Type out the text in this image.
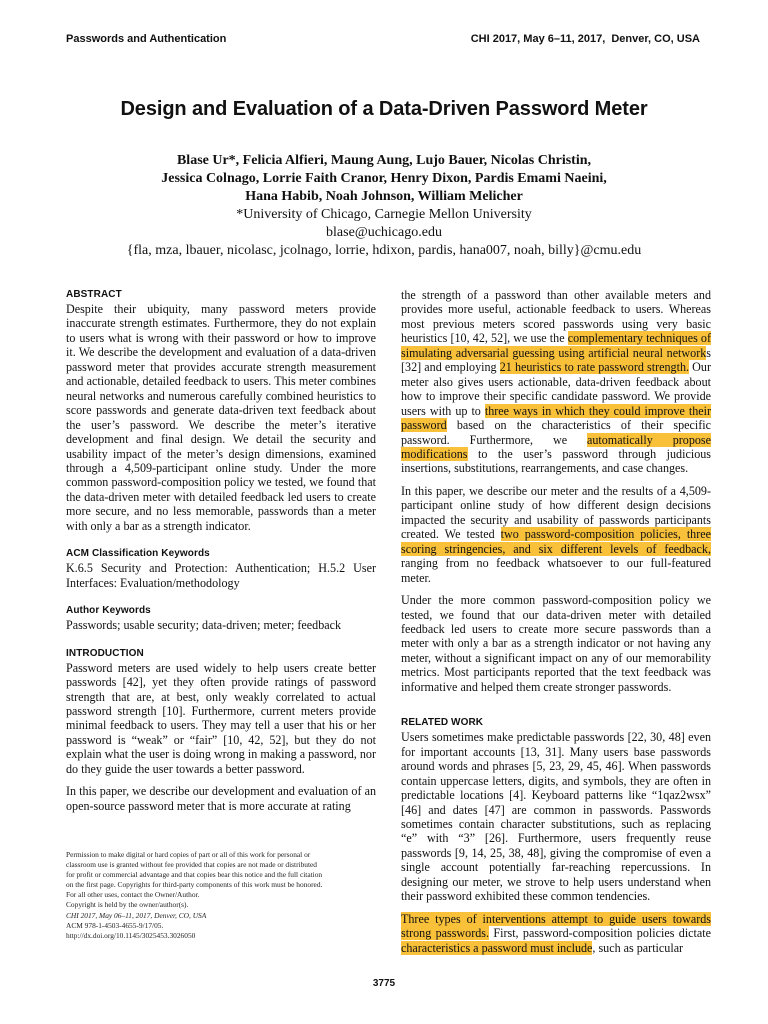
Passwords and Authentication	CHI 2017, May 6–11, 2017,  Denver, CO, USA
Design and Evaluation of a Data-Driven Password Meter
Blase Ur*, Felicia Alfieri, Maung Aung, Lujo Bauer, Nicolas Christin,
Jessica Colnago, Lorrie Faith Cranor, Henry Dixon, Pardis Emami Naeini,
Hana Habib, Noah Johnson, William Melicher
*University of Chicago, Carnegie Mellon University
blase@uchicago.edu
{fla, mza, lbauer, nicolasc, jcolnago, lorrie, hdixon, pardis, hana007, noah, billy}@cmu.edu
ABSTRACT

Despite their ubiquity, many password meters provide inaccurate strength estimates. Furthermore, they do not explain to users what is wrong with their password or how to improve it. We describe the development and evaluation of a data-driven password meter that provides accurate strength measurement and actionable, detailed feedback to users. This meter combines neural networks and numerous carefully combined heuristics to score passwords and generate data-driven text feedback about the user’s password. We describe the meter’s iterative development and final design. We detail the security and usability impact of the meter’s design dimensions, examined through a 4,509-participant online study. Under the more common password-composition policy we tested, we found that the data-driven meter with detailed feedback led users to create more secure, and no less memorable, passwords than a meter with only a bar as a strength indicator.

ACM Classification Keywords

K.6.5 Security and Protection: Authentication; H.5.2 User Interfaces: Evaluation/methodology

Author Keywords

Passwords; usable security; data-driven; meter; feedback

INTRODUCTION

Password meters are used widely to help users create better passwords [42], yet they often provide ratings of password strength that are, at best, only weakly correlated to actual password strength [10]. Furthermore, current meters provide minimal feedback to users. They may tell a user that his or her password is “weak” or “fair” [10, 42, 52], but they do not explain what the user is doing wrong in making a password, nor do they guide the user towards a better password.

In this paper, we describe our development and evaluation of an open-source password meter that is more accurate at rating

the strength of a password than other available meters and provides more useful, actionable feedback to users. Whereas most previous meters scored passwords using very basic heuristics [10, 42, 52], we use the complementary techniques of simulating adversarial guessing using artificial neural networks [32] and employing 21 heuristics to rate password strength. Our meter also gives users actionable, data-driven feedback about how to improve their specific candidate password. We provide users with up to three ways in which they could improve their password based on the characteristics of their specific password. Furthermore, we automatically propose modifications to the user’s password through judicious insertions, substitutions, rearrangements, and case changes.

In this paper, we describe our meter and the results of a 4,509-participant online study of how different design decisions impacted the security and usability of passwords participants created. We tested two password-composition policies, three scoring stringencies, and six different levels of feedback, ranging from no feedback whatsoever to our full-featured meter.

Under the more common password-composition policy we tested, we found that our data-driven meter with detailed feedback led users to create more secure passwords than a meter with only a bar as a strength indicator or not having any meter, without a significant impact on any of our memorability metrics. Most participants reported that the text feedback was informative and helped them create stronger passwords.

RELATED WORK

Users sometimes make predictable passwords [22, 30, 48] even for important accounts [13, 31]. Many users base passwords around words and phrases [5, 23, 29, 45, 46]. When passwords contain uppercase letters, digits, and symbols, they are often in predictable locations [4]. Keyboard patterns like “1qaz2wsx” [46] and dates [47] are common in passwords. Passwords sometimes contain character substitutions, such as replacing “e” with “3” [26]. Furthermore, users frequently reuse passwords [9, 14, 25, 38, 48], giving the compromise of even a single account potentially far-reaching repercussions. In designing our meter, we strove to help users understand when their password exhibited these common tendencies.

Three types of interventions attempt to guide users towards strong passwords. First, password-composition policies dictate characteristics a password must include, such as particular

Permission to make digital or hard copies of part or all of this work for personal or
classroom use is granted without fee provided that copies are not made or distributed
for profit or commercial advantage and that copies bear this notice and the full citation
on the first page. Copyrights for third-party components of this work must be honored.
For all other uses, contact the Owner/Author.
Copyright is held by the owner/author(s).
CHI 2017, May 06–11, 2017, Denver, CO, USA
ACM 978-1-4503-4655-9/17/05.
http://dx.doi.org/10.1145/3025453.3026050
3775
